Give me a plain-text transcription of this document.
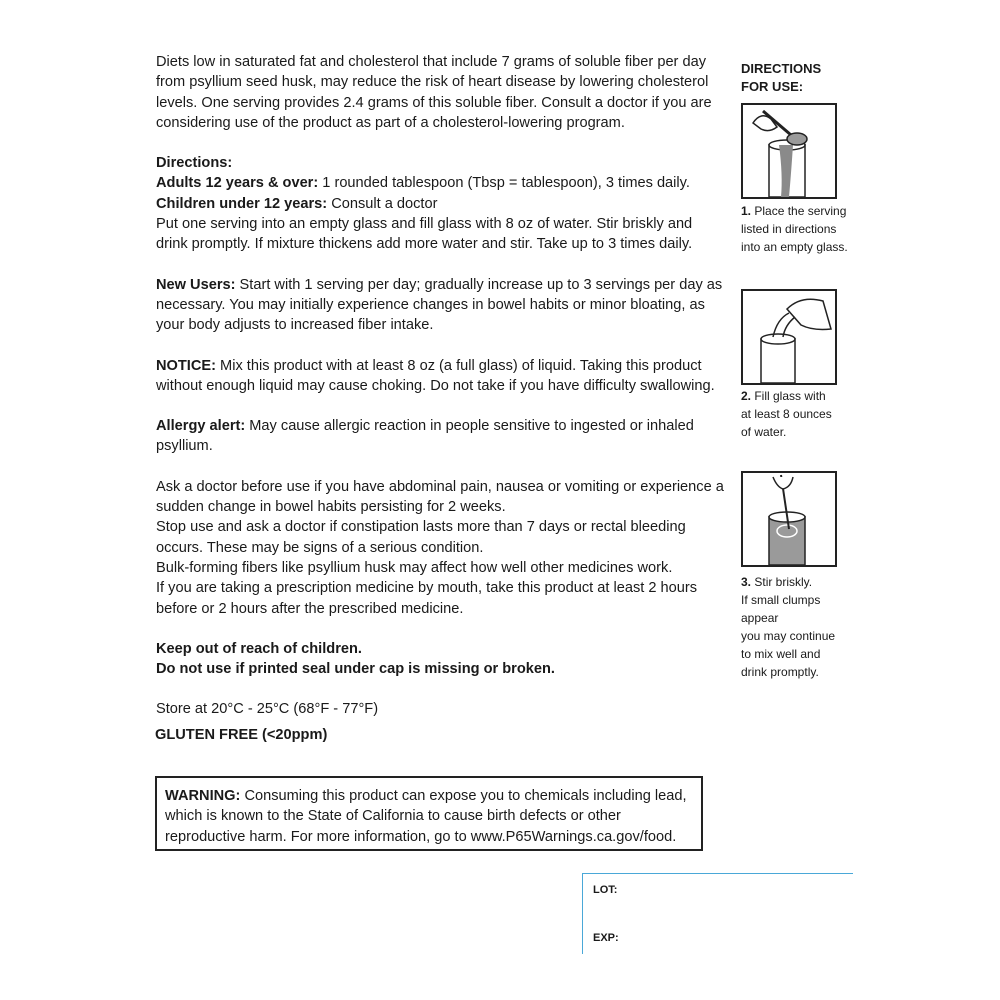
Diets low in saturated fat and cholesterol that include 7 grams of soluble fiber per day from psyllium seed husk, may reduce the risk of heart disease by lowering cholesterol levels. One serving provides 2.4 grams of this soluble fiber. Consult a doctor if you are considering use of the product as part of a cholesterol-lowering program.

Directions:

Adults 12 years & over: 1 rounded tablespoon (Tbsp = tablespoon), 3 times daily.

Children under 12 years: Consult a doctor

Put one serving into an empty glass and fill glass with 8 oz of water. Stir briskly and drink promptly. If mixture thickens add more water and stir. Take up to 3 times daily.

New Users: Start with 1 serving per day; gradually increase up to 3 servings per day as necessary. You may initially experience changes in bowel habits or minor bloating, as your body adjusts to increased fiber intake.

NOTICE: Mix this product with at least 8 oz (a full glass) of liquid. Taking this product without enough liquid may cause choking. Do not take if you have difficulty swallowing.

Allergy alert: May cause allergic reaction in people sensitive to ingested or inhaled psyllium.

Ask a doctor before use if you have abdominal pain, nausea or vomiting or experience a sudden change in bowel habits persisting for 2 weeks.

Stop use and ask a doctor if constipation lasts more than 7 days or rectal bleeding occurs. These may be signs of a serious condition.

Bulk-forming fibers like psyllium husk may affect how well other medicines work.

If you are taking a prescription medicine by mouth, take this product at least 2 hours before or 2 hours after the prescribed medicine.

Keep out of reach of children.

Do not use if printed seal under cap is missing or broken.

Store at 20°C - 25°C (68°F - 77°F)

GLUTEN FREE (<20ppm)
WARNING: Consuming this product can expose you to chemicals including lead, which is known to the State of California to cause birth defects or other reproductive harm. For more information, go to www.P65Warnings.ca.gov/food.
DIRECTIONS
FOR USE:
1. Place the serving
listed in directions
into an empty glass.
2. Fill glass with
at least 8 ounces
of water.
3. Stir briskly.
If small clumps appear
you may continue
to mix well and
drink promptly.
LOT:
EXP:
